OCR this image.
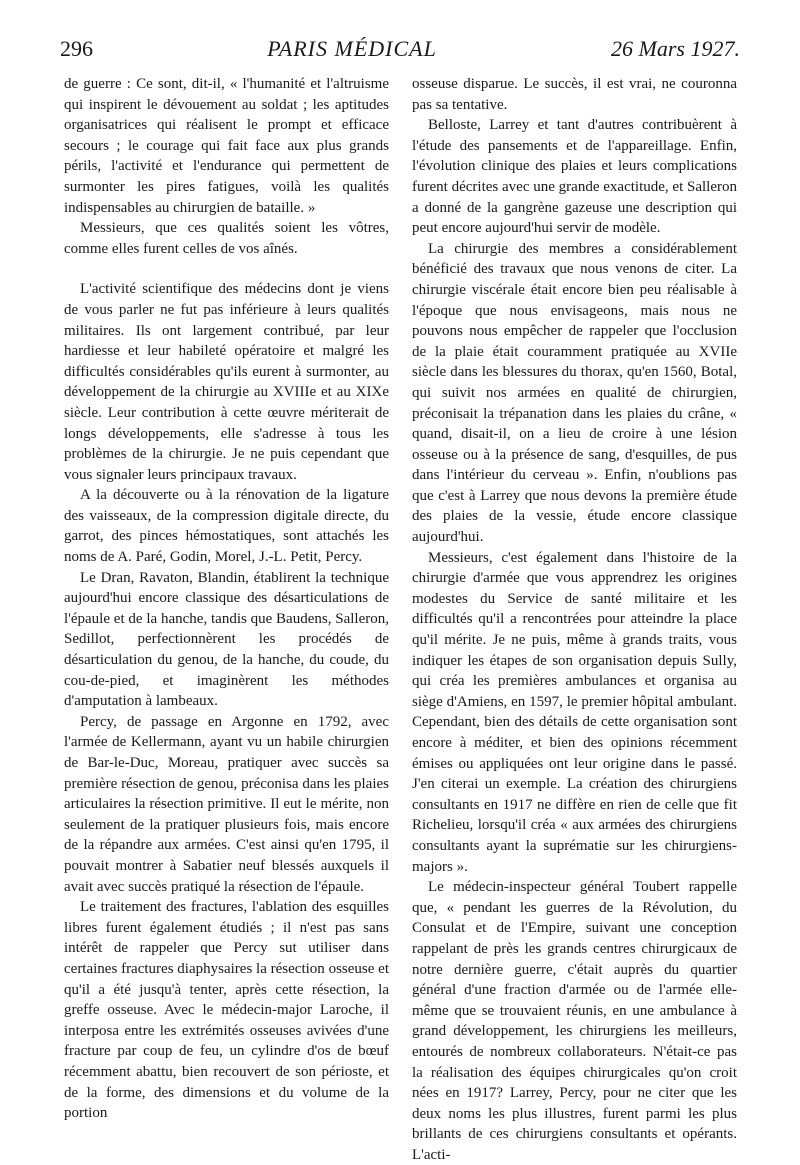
296	PARIS MÉDICAL	26 Mars 1927.

de guerre : Ce sont, dit-il, « l'humanité et l'altruisme qui inspirent le dévouement au soldat ; les aptitudes organisatrices qui réalisent le prompt et efficace secours ; le courage qui fait face aux plus grands périls, l'activité et l'endurance qui permettent de surmonter les pires fatigues, voilà les qualités indispensables au chirurgien de bataille. »

Messieurs, que ces qualités soient les vôtres, comme elles furent celles de vos aînés.

L'activité scientifique des médecins dont je viens de vous parler ne fut pas inférieure à leurs qualités militaires. Ils ont largement contribué, par leur hardiesse et leur habileté opératoire et malgré les difficultés considérables qu'ils eurent à surmonter, au développement de la chirurgie au XVIIIe et au XIXe siècle. Leur contribution à cette œuvre mériterait de longs développements, elle s'adresse à tous les problèmes de la chirurgie. Je ne puis cependant que vous signaler leurs principaux travaux.

A la découverte ou à la rénovation de la ligature des vaisseaux, de la compression digitale directe, du garrot, des pinces hémostatiques, sont attachés les noms de A. Paré, Godin, Morel, J.-L. Petit, Percy.

Le Dran, Ravaton, Blandin, établirent la technique aujourd'hui encore classique des désarticulations de l'épaule et de la hanche, tandis que Baudens, Salleron, Sedillot, perfectionnèrent les procédés de désarticulation du genou, de la hanche, du coude, du cou-de-pied, et imaginèrent les méthodes d'amputation à lambeaux.

Percy, de passage en Argonne en 1792, avec l'armée de Kellermann, ayant vu un habile chirurgien de Bar-le-Duc, Moreau, pratiquer avec succès sa première résection de genou, préconisa dans les plaies articulaires la résection primitive. Il eut le mérite, non seulement de la pratiquer plusieurs fois, mais encore de la répandre aux armées. C'est ainsi qu'en 1795, il pouvait montrer à Sabatier neuf blessés auxquels il avait avec succès pratiqué la résection de l'épaule.

Le traitement des fractures, l'ablation des esquilles libres furent également étudiés ; il n'est pas sans intérêt de rappeler que Percy sut utiliser dans certaines fractures diaphysaires la résection osseuse et qu'il a été jusqu'à tenter, après cette résection, la greffe osseuse. Avec le médecin-major Laroche, il interposa entre les extrémités osseuses avivées d'une fracture par coup de feu, un cylindre d'os de bœuf récemment abattu, bien recouvert de son périoste, et de la forme, des dimensions et du volume de la portion

osseuse disparue. Le succès, il est vrai, ne couronna pas sa tentative.

Belloste, Larrey et tant d'autres contribuèrent à l'étude des pansements et de l'appareillage. Enfin, l'évolution clinique des plaies et leurs complications furent décrites avec une grande exactitude, et Salleron a donné de la gangrène gazeuse une description qui peut encore aujourd'hui servir de modèle.

La chirurgie des membres a considérablement bénéficié des travaux que nous venons de citer. La chirurgie viscérale était encore bien peu réalisable à l'époque que nous envisageons, mais nous ne pouvons nous empêcher de rappeler que l'occlusion de la plaie était couramment pratiquée au XVIIe siècle dans les blessures du thorax, qu'en 1560, Botal, qui suivit nos armées en qualité de chirurgien, préconisait la trépanation dans les plaies du crâne, « quand, disait-il, on a lieu de croire à une lésion osseuse ou à la présence de sang, d'esquilles, de pus dans l'intérieur du cerveau ». Enfin, n'oublions pas que c'est à Larrey que nous devons la première étude des plaies de la vessie, étude encore classique aujourd'hui.

Messieurs, c'est également dans l'histoire de la chirurgie d'armée que vous apprendrez les origines modestes du Service de santé militaire et les difficultés qu'il a rencontrées pour atteindre la place qu'il mérite. Je ne puis, même à grands traits, vous indiquer les étapes de son organisation depuis Sully, qui créa les premières ambulances et organisa au siège d'Amiens, en 1597, le premier hôpital ambulant. Cependant, bien des détails de cette organisation sont encore à méditer, et bien des opinions récemment émises ou appliquées ont leur origine dans le passé. J'en citerai un exemple. La création des chirurgiens consultants en 1917 ne diffère en rien de celle que fit Richelieu, lorsqu'il créa « aux armées des chirurgiens consultants ayant la suprématie sur les chirurgiens-majors ».

Le médecin-inspecteur général Toubert rappelle que, « pendant les guerres de la Révolution, du Consulat et de l'Empire, suivant une conception rappelant de près les grands centres chirurgicaux de notre dernière guerre, c'était auprès du quartier général d'une fraction d'armée ou de l'armée elle-même que se trouvaient réunis, en une ambulance à grand développement, les chirurgiens les meilleurs, entourés de nombreux collaborateurs. N'était-ce pas la réalisation des équipes chirurgicales qu'on croit nées en 1917? Larrey, Percy, pour ne citer que les deux noms les plus illustres, furent parmi les plus brillants de ces chirurgiens consultants et opérants. L'acti-
